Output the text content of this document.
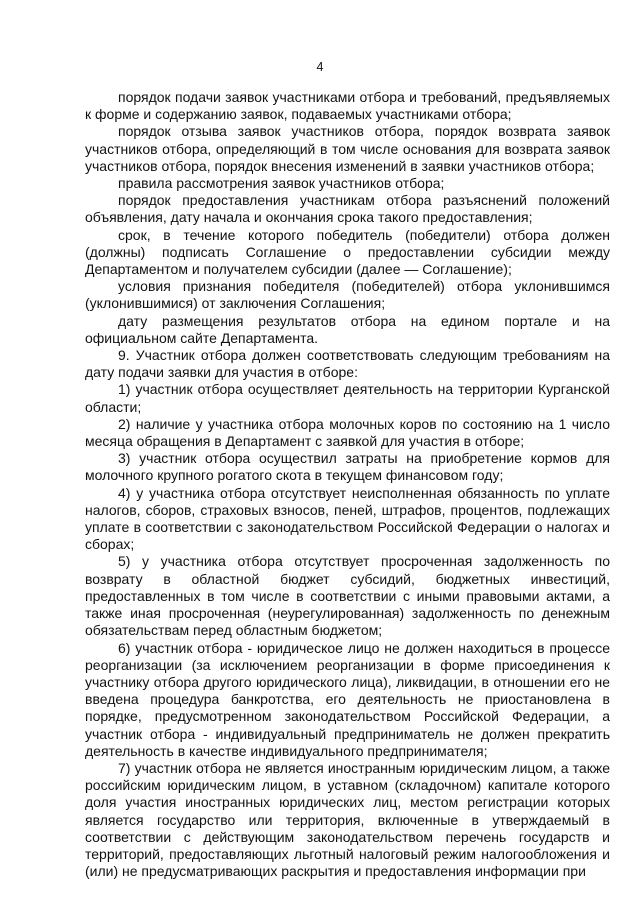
4

порядок подачи заявок участниками отбора и требований, предъявляемых к форме и содержанию заявок, подаваемых участниками отбора;

порядок отзыва заявок участников отбора, порядок возврата заявок участников отбора, определяющий в том числе основания для возврата заявок участников отбора, порядок внесения изменений в заявки участников отбора;

правила рассмотрения заявок участников отбора;

порядок предоставления участникам отбора разъяснений положений объявления, дату начала и окончания срока такого предоставления;

срок, в течение которого победитель (победители) отбора должен (должны) подписать Соглашение о предоставлении субсидии между Департаментом и получателем субсидии (далее — Соглашение);

условия признания победителя (победителей) отбора уклонившимся (уклонившимися) от заключения Соглашения;

дату размещения результатов отбора на едином портале и на официальном сайте Департамента.

9. Участник отбора должен соответствовать следующим требованиям на дату подачи заявки для участия в отборе:

1) участник отбора осуществляет деятельность на территории Курганской области;

2) наличие у участника отбора молочных коров по состоянию на 1 число месяца обращения в Департамент с заявкой для участия в отборе;

3) участник отбора осуществил затраты на приобретение кормов для молочного крупного рогатого скота в текущем финансовом году;

4) у участника отбора отсутствует неисполненная обязанность по уплате налогов, сборов, страховых взносов, пеней, штрафов, процентов, подлежащих уплате в соответствии с законодательством Российской Федерации о налогах и сборах;

5) у участника отбора отсутствует просроченная задолженность по возврату в областной бюджет субсидий, бюджетных инвестиций, предоставленных в том числе в соответствии с иными правовыми актами, а также иная просроченная (неурегулированная) задолженность по денежным обязательствам перед областным бюджетом;

6) участник отбора - юридическое лицо не должен находиться в процессе реорганизации (за исключением реорганизации в форме присоединения к участнику отбора другого юридического лица), ликвидации, в отношении его не введена процедура банкротства, его деятельность не приостановлена в порядке, предусмотренном законодательством Российской Федерации, а участник отбора - индивидуальный предприниматель не должен прекратить деятельность в качестве индивидуального предпринимателя;

7) участник отбора не является иностранным юридическим лицом, а также российским юридическим лицом, в уставном (складочном) капитале которого доля участия иностранных юридических лиц, местом регистрации которых является государство или территория, включенные в утверждаемый в соответствии с действующим законодательством перечень государств и территорий, предоставляющих льготный налоговый режим налогообложения и (или) не предусматривающих раскрытия и предоставления информации при
